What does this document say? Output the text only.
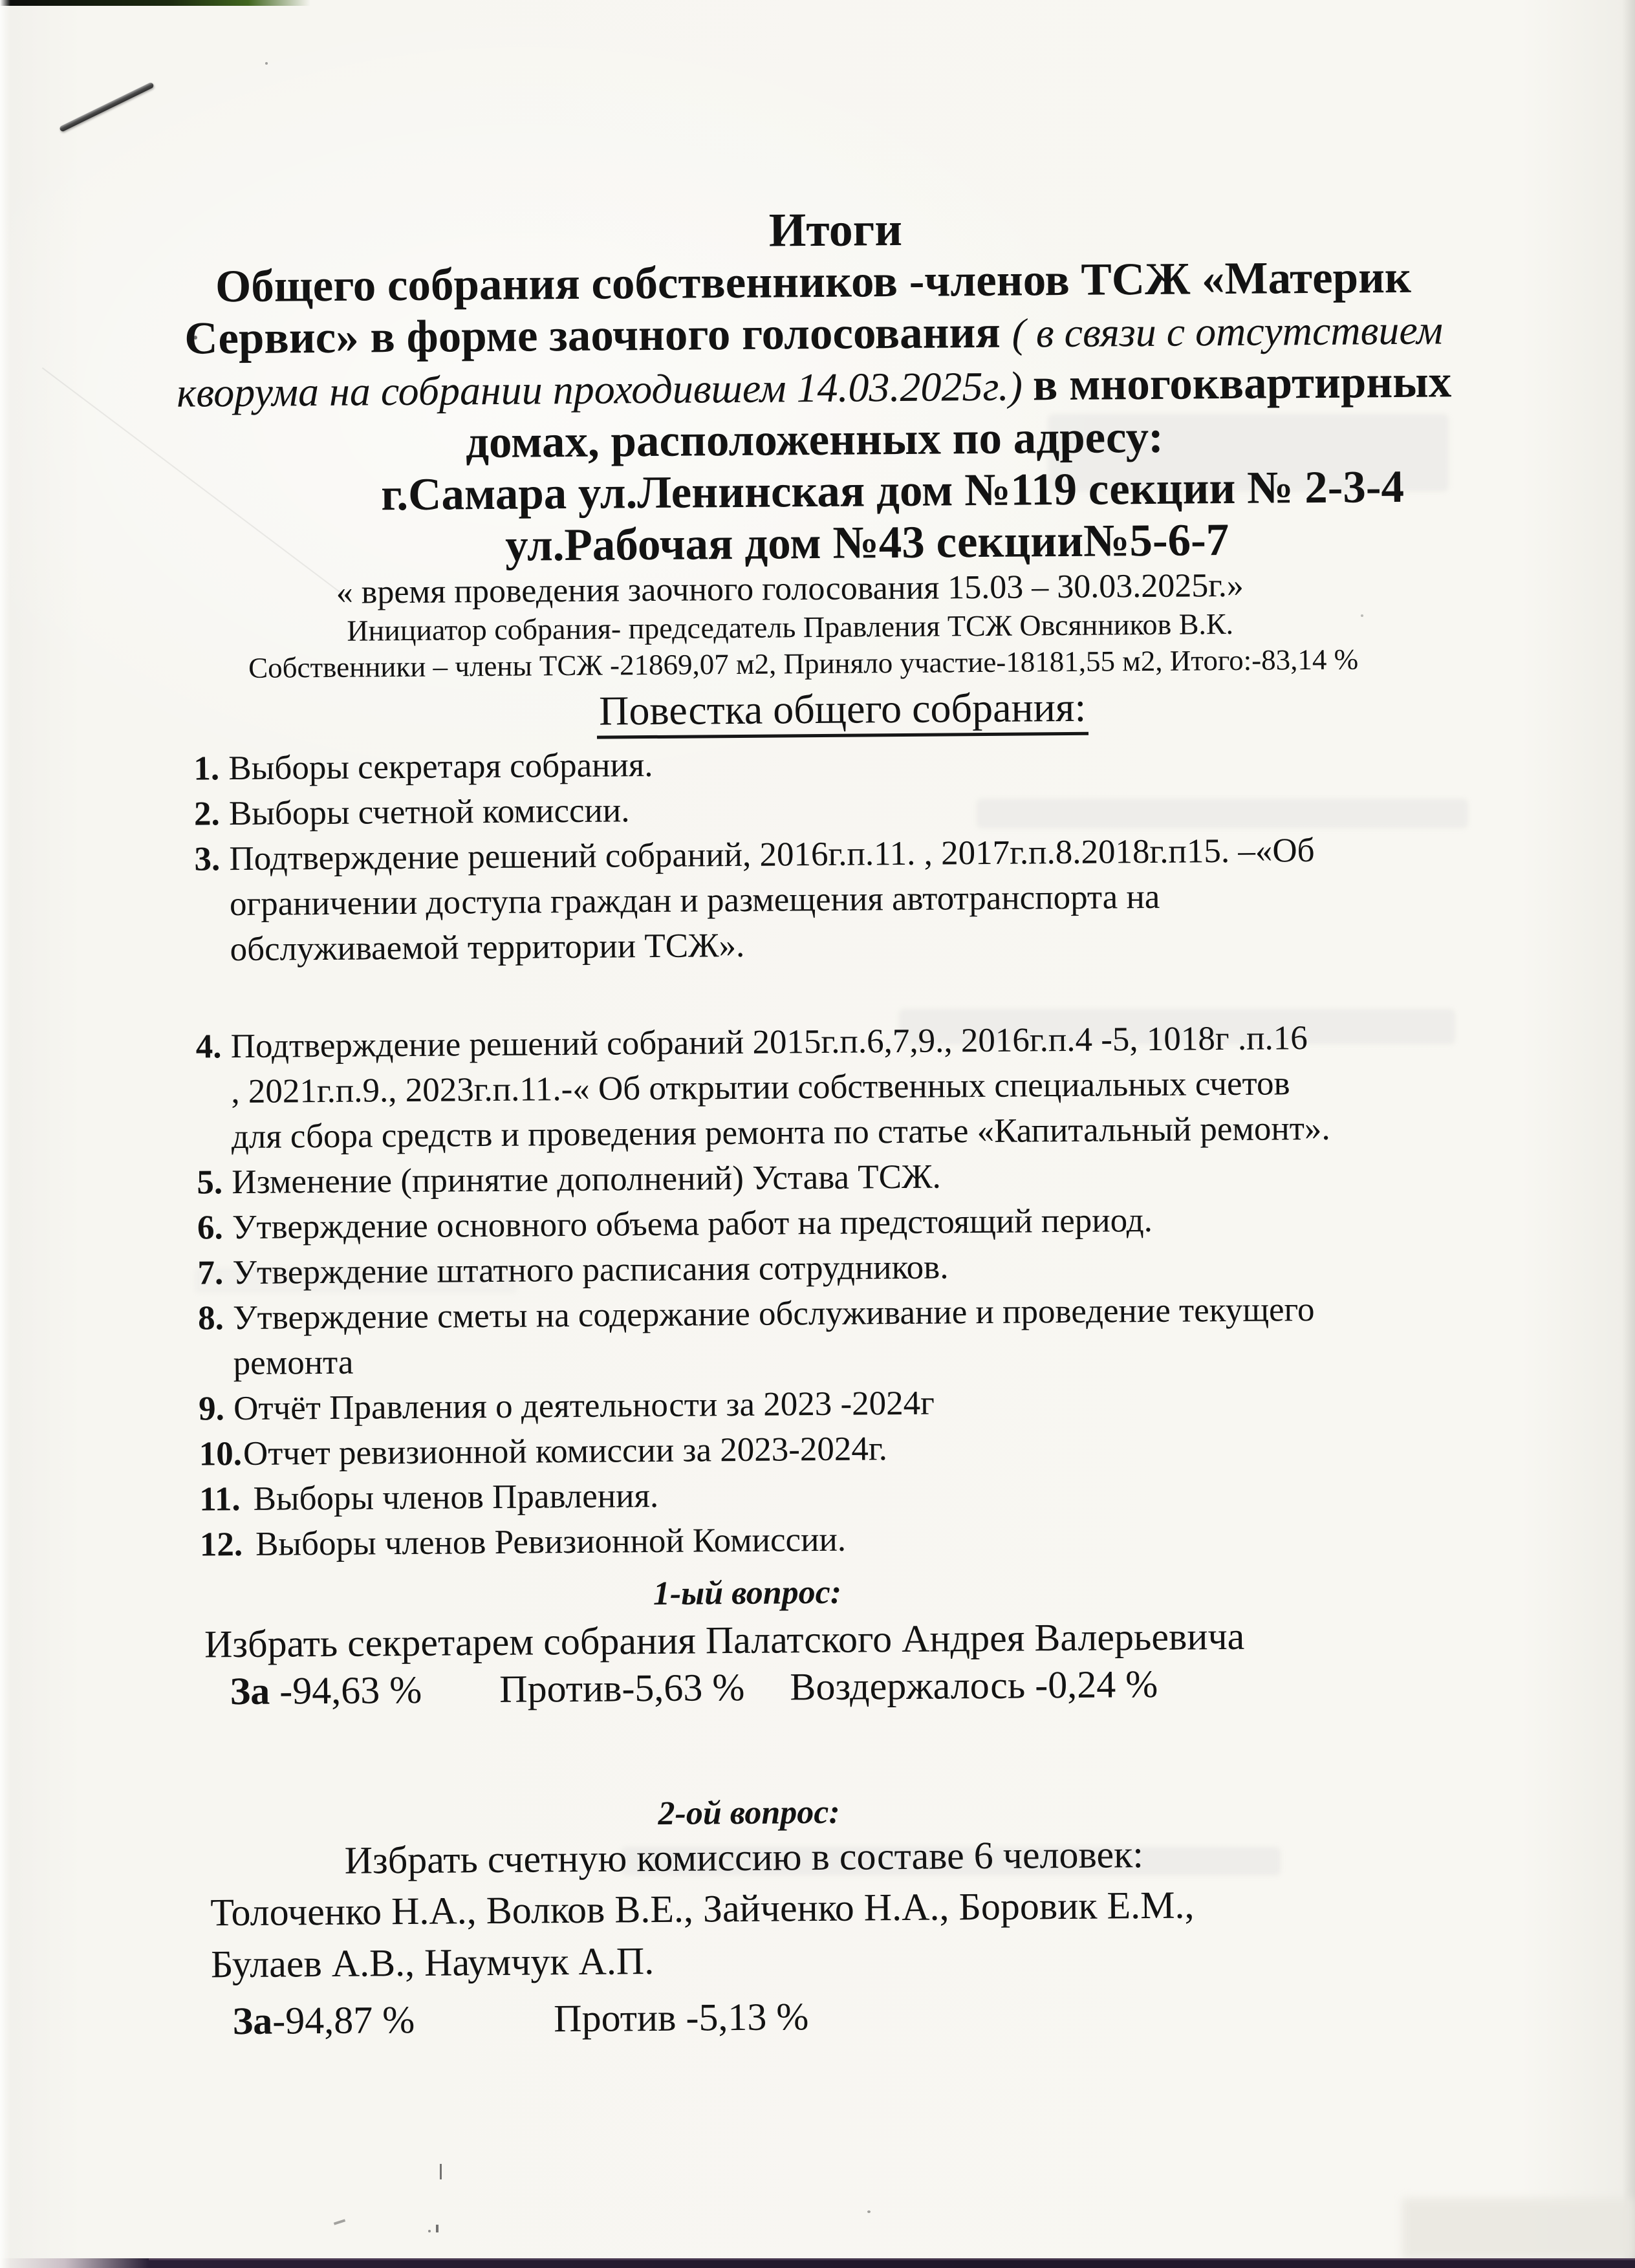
Итоги
Общего собрания собственников -членов ТСЖ «Материк
Сервис» в форме заочного голосования ( в связи с отсутствием
кворума на собрании проходившем 14.03.2025г.) в многоквартирных
домах, расположенных по адресу:
г.Самара ул.Ленинская дом №119 секции № 2-3-4
ул.Рабочая дом №43 секции№5-6-7
« время проведения заочного голосования 15.03 – 30.03.2025г.»
Инициатор собрания- председатель Правления ТСЖ Овсянников В.К.
Собственники – члены ТСЖ -21869,07 м2, Приняло участие-18181,55 м2, Итого:-83,14 %
Повестка общего собрания:
1. Выборы секретаря собрания.
2. Выборы счетной комиссии.
3. Подтверждение решений собраний, 2016г.п.11. , 2017г.п.8.2018г.п15. –«Об
ограничении доступа граждан и размещения автотранспорта на
обслуживаемой территории ТСЖ».
4. Подтверждение решений собраний 2015г.п.6,7,9., 2016г.п.4 -5, 1018г .п.16
, 2021г.п.9., 2023г.п.11.-« Об открытии собственных специальных счетов
для сбора средств и проведения ремонта по статье «Капитальный ремонт».
5. Изменение (принятие дополнений) Устава ТСЖ.
6. Утверждение основного объема работ на предстоящий период.
7. Утверждение штатного расписания сотрудников.
8. Утверждение сметы на содержание обслуживание и проведение текущего
ремонта
9. Отчёт Правления о деятельности за 2023 -2024г
10. Отчет ревизионной комиссии за 2023-2024г.
11. Выборы членов Правления.
12. Выборы членов Ревизионной Комиссии.
1-ый вопрос:
Избрать секретарем собрания Палатского Андрея Валерьевича
За -94,63 % Против-5,63 % Воздержалось -0,24 %
2-ой вопрос:
Избрать счетную комиссию в составе 6 человек:
Толоченко Н.А., Волков В.Е., Зайченко Н.А., Боровик Е.М.,
Булаев А.В., Наумчук А.П.
За-94,87 %	Против -5,13 %
